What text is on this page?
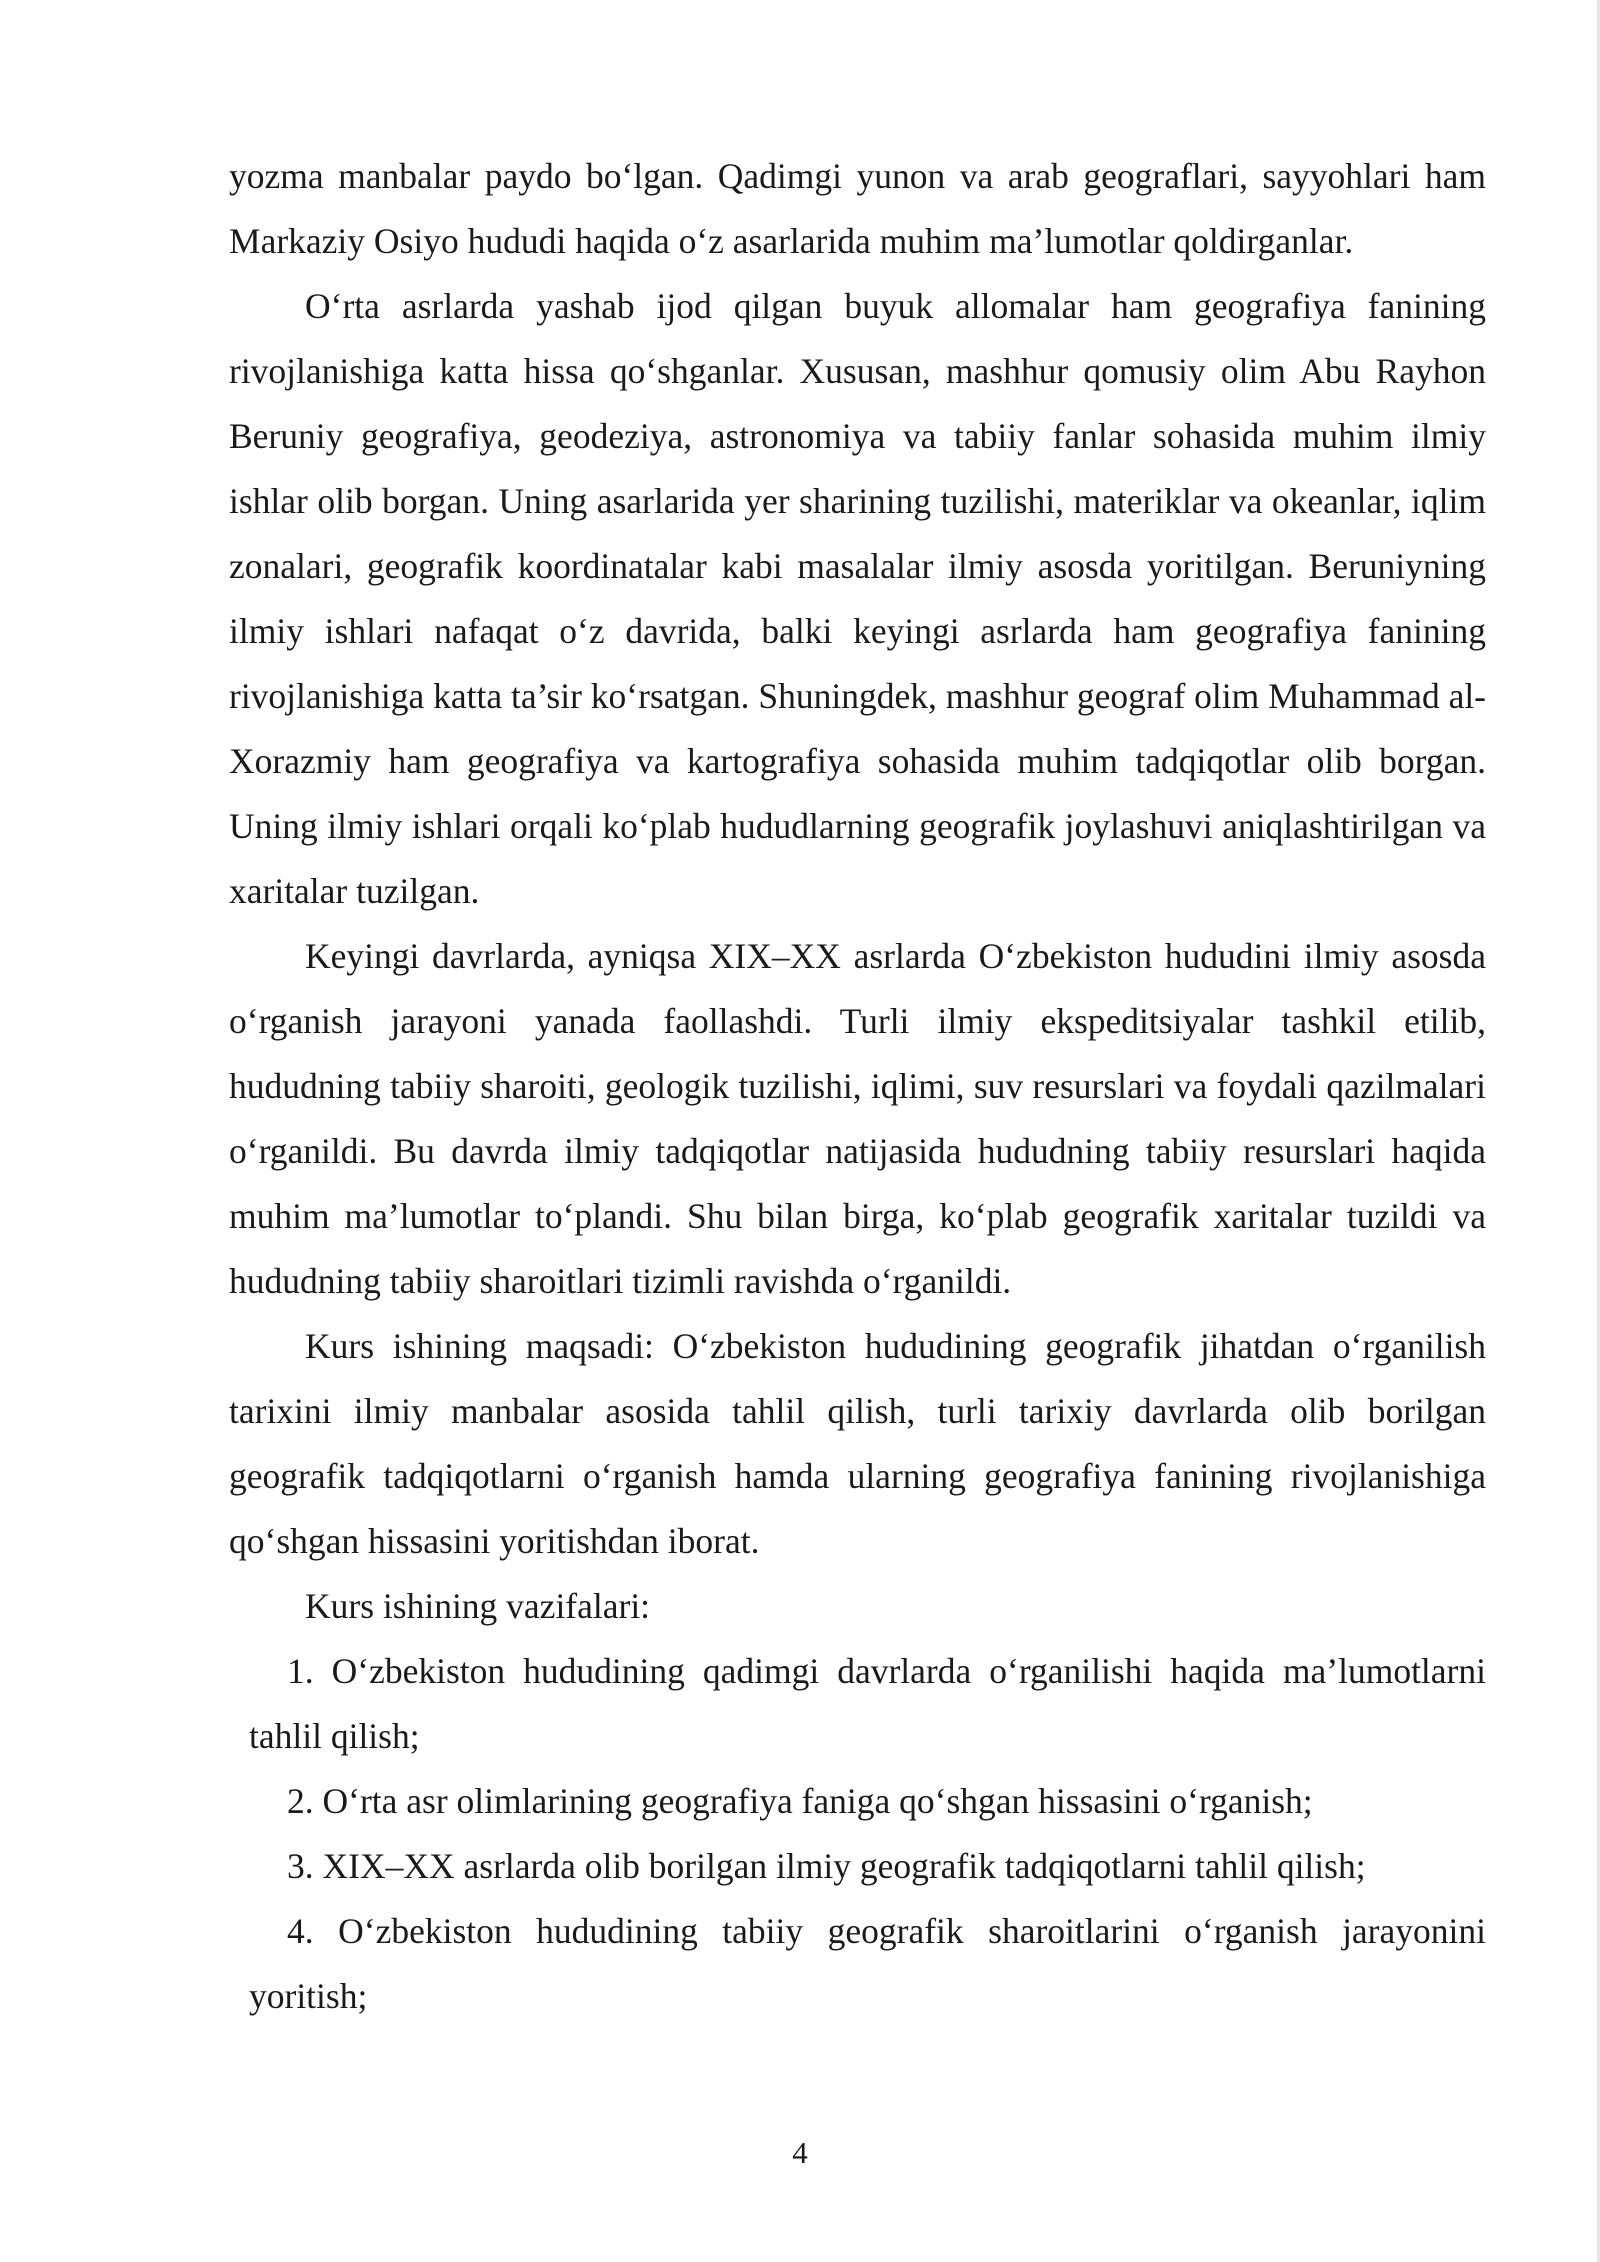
yozma manbalar paydo bo‘lgan. Qadimgi yunon va arab geograflari, sayyohlari ham Markaziy Osiyo hududi haqida o‘z asarlarida muhim ma’lumotlar qoldirganlar.

O‘rta asrlarda yashab ijod qilgan buyuk allomalar ham geografiya fanining rivojlanishiga katta hissa qo‘shganlar. Xususan, mashhur qomusiy olim Abu Rayhon Beruniy geografiya, geodeziya, astronomiya va tabiiy fanlar sohasida muhim ilmiy ishlar olib borgan. Uning asarlarida yer sharining tuzilishi, materiklar va okeanlar, iqlim zonalari, geografik koordinatalar kabi masalalar ilmiy asosda yoritilgan. Beruniyning ilmiy ishlari nafaqat o‘z davrida, balki keyingi asrlarda ham geografiya fanining rivojlanishiga katta ta’sir ko‘rsatgan. Shuningdek, mashhur geograf olim Muhammad al-Xorazmiy ham geografiya va kartografiya sohasida muhim tadqiqotlar olib borgan. Uning ilmiy ishlari orqali ko‘plab hududlarning geografik joylashuvi aniqlashtirilgan va xaritalar tuzilgan.

Keyingi davrlarda, ayniqsa XIX–XX asrlarda O‘zbekiston hududini ilmiy asosda o‘rganish jarayoni yanada faollashdi. Turli ilmiy ekspeditsiyalar tashkil etilib, hududning tabiiy sharoiti, geologik tuzilishi, iqlimi, suv resurslari va foydali qazilmalari o‘rganildi. Bu davrda ilmiy tadqiqotlar natijasida hududning tabiiy resurslari haqida muhim ma’lumotlar to‘plandi. Shu bilan birga, ko‘plab geografik xaritalar tuzildi va hududning tabiiy sharoitlari tizimli ravishda o‘rganildi.

Kurs ishining maqsadi: O‘zbekiston hududining geografik jihatdan o‘rganilish tarixini ilmiy manbalar asosida tahlil qilish, turli tarixiy davrlarda olib borilgan geografik tadqiqotlarni o‘rganish hamda ularning geografiya fanining rivojlanishiga qo‘shgan hissasini yoritishdan iborat.

Kurs ishining vazifalari:

1. O‘zbekiston hududining qadimgi davrlarda o‘rganilishi haqida ma’lumotlarni tahlil qilish;
2. O‘rta asr olimlarining geografiya faniga qo‘shgan hissasini o‘rganish;
3. XIX–XX asrlarda olib borilgan ilmiy geografik tadqiqotlarni tahlil qilish;
4. O‘zbekiston hududining tabiiy geografik sharoitlarini o‘rganish jarayonini yoritish;
4
